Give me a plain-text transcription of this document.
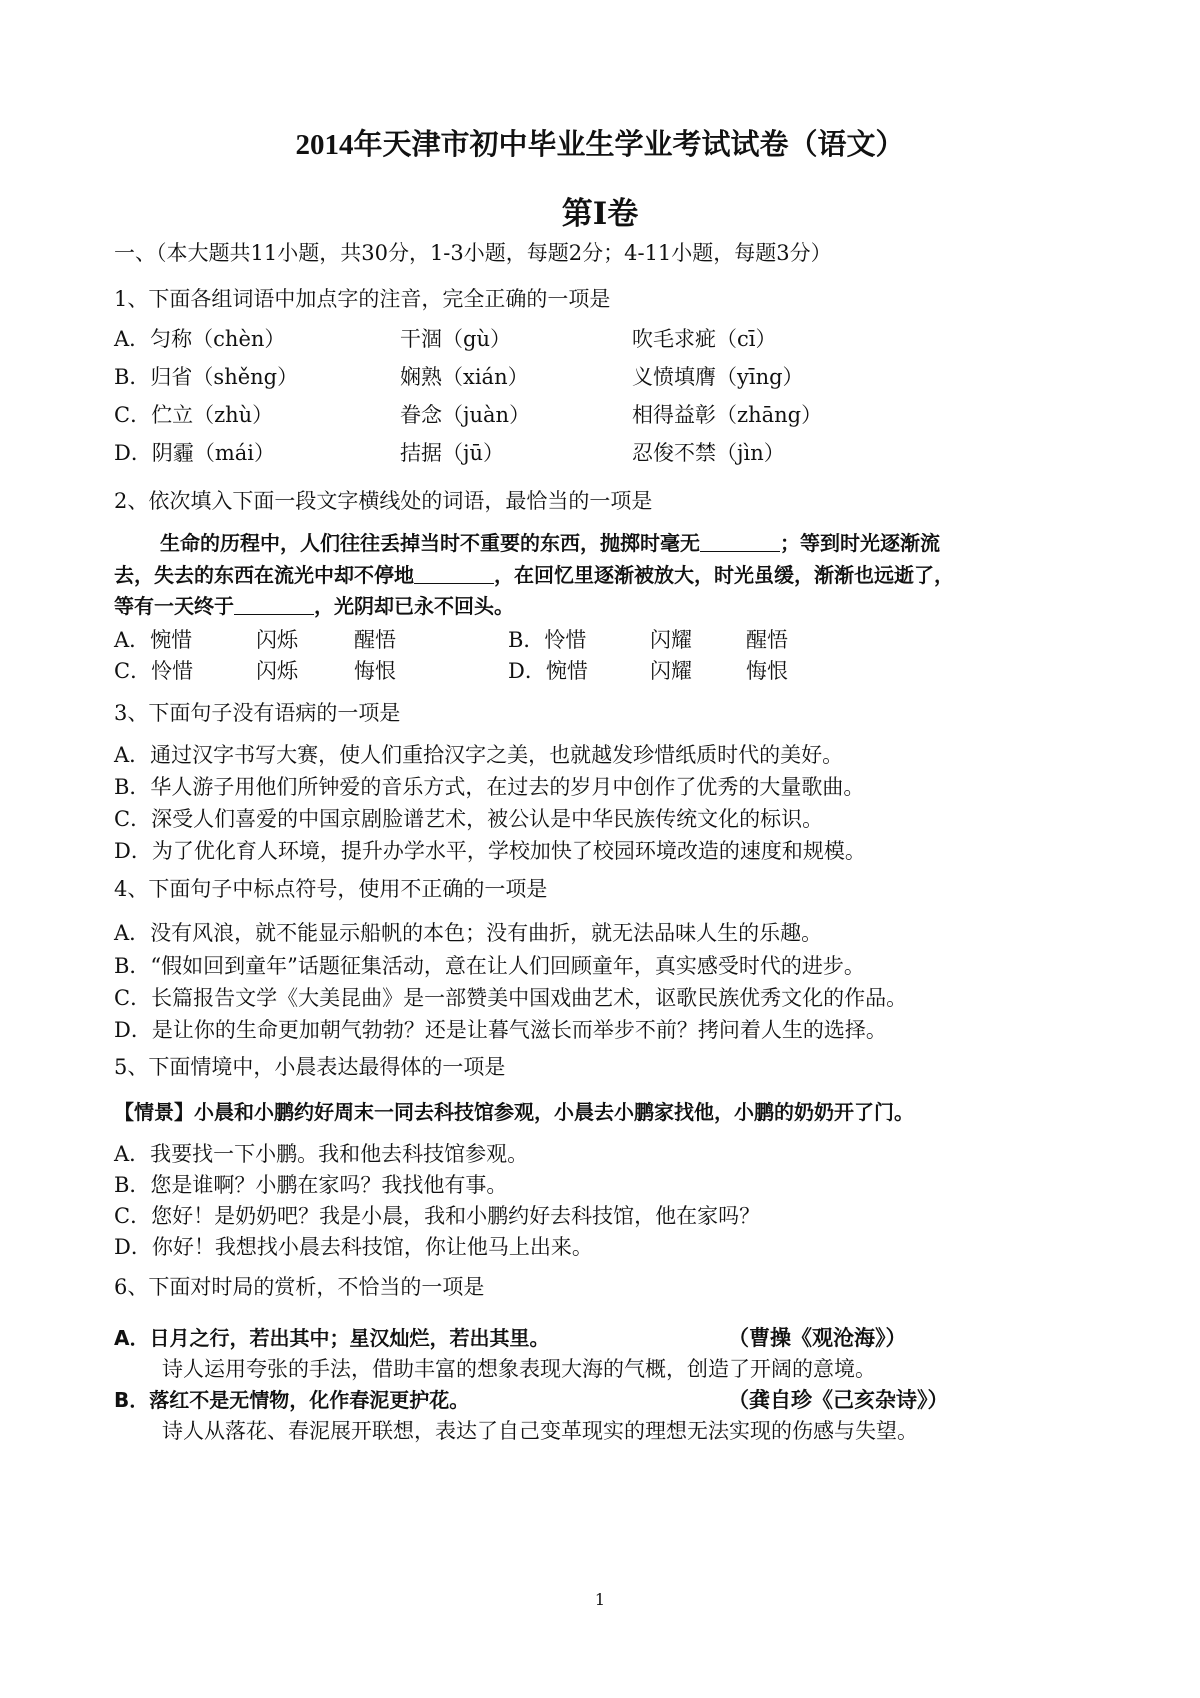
2014年天津市初中毕业生学业考试试卷（语文）
第Ⅰ卷
一、（本大题共11小题，共30分，1-3小题，每题2分；4-11小题，每题3分）
1、下面各组词语中加点字的注音，完全正确的一项是
A．匀称（chèn）	干涸（gù）	吹毛求疵（cī）
B．归省（shěng）	娴熟（xián）	义愤填膺（yīng）
C．伫立（zhù）	眷念（juàn）	相得益彰（zhāng）
D．阴霾（mái）	拮据（jū）	忍俊不禁（jìn）
2、依次填入下面一段文字横线处的词语，最恰当的一项是
生命的历程中，人们往往丢掉当时不重要的东西，抛掷时毫无	；等到时光逐渐流
去，失去的东西在流光中却不停地	，在回忆里逐渐被放大，时光虽缓，渐渐也远逝了，
等有一天终于	，光阴却已永不回头。
A．惋惜	闪烁	醒悟	B．怜惜	闪耀	醒悟
C．怜惜	闪烁	悔恨	D．惋惜	闪耀	悔恨
3、下面句子没有语病的一项是
A．通过汉字书写大赛，使人们重拾汉字之美，也就越发珍惜纸质时代的美好。
B．华人游子用他们所钟爱的音乐方式，在过去的岁月中创作了优秀的大量歌曲。
C．深受人们喜爱的中国京剧脸谱艺术，被公认是中华民族传统文化的标识。
D．为了优化育人环境，提升办学水平，学校加快了校园环境改造的速度和规模。
4、下面句子中标点符号，使用不正确的一项是
A．没有风浪，就不能显示船帆的本色；没有曲折，就无法品味人生的乐趣。
B．“假如回到童年”话题征集活动，意在让人们回顾童年，真实感受时代的进步。
C．长篇报告文学《大美昆曲》是一部赞美中国戏曲艺术，讴歌民族优秀文化的作品。
D．是让你的生命更加朝气勃勃？还是让暮气滋长而举步不前？拷问着人生的选择。
5、下面情境中，小晨表达最得体的一项是
【情景】小晨和小鹏约好周末一同去科技馆参观，小晨去小鹏家找他，小鹏的奶奶开了门。
A．我要找一下小鹏。我和他去科技馆参观。
B．您是谁啊？小鹏在家吗？我找他有事。
C．您好！是奶奶吧？我是小晨，我和小鹏约好去科技馆，他在家吗？
D．你好！我想找小晨去科技馆，你让他马上出来。
6、下面对时局的赏析，不恰当的一项是
A．日月之行，若出其中；星汉灿烂，若出其里。	（曹操《观沧海》）
诗人运用夸张的手法，借助丰富的想象表现大海的气概，创造了开阔的意境。
B．落红不是无情物，化作春泥更护花。	（龚自珍《己亥杂诗》）
诗人从落花、春泥展开联想，表达了自己变革现实的理想无法实现的伤感与失望。
1
